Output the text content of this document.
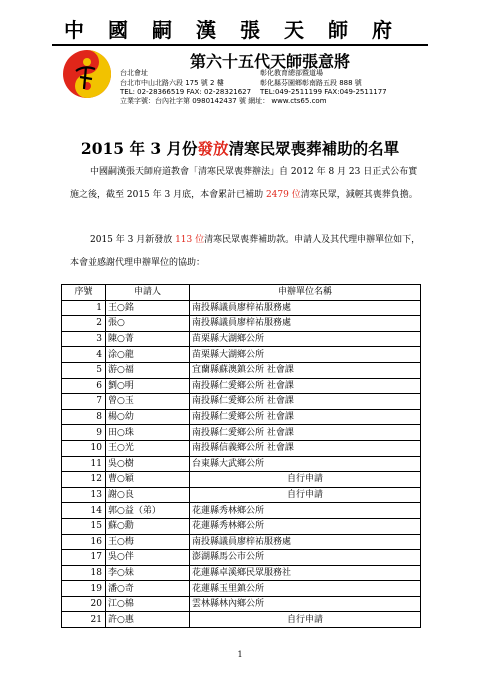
中國嗣漢張天師府
第六十五代天師張意將
台北會址
台北市中山北路六段 175 號 2 樓
TEL: 02-28366519 FAX: 02-28321627
彰化教育總部暨道場
彰化縣芬園鄉彰南路五段 888 號
TEL:049-2511199 FAX:049-2511177
立業字號：台內社字第 0980142437 號 網址： www.cts65.com
2015 年 3 月份發放清寒民眾喪葬補助的名單
中國嗣漢張天師府道教會「清寒民眾喪葬辦法」自 2012 年 8 月 23 日正式公布實施之後，截至 2015 年 3 月底，本會累計已補助 2479 位清寒民眾，減輕其喪葬負擔。
2015 年 3 月新發放 113 位清寒民眾喪葬補助款。申請人及其代理申辦單位如下，本會並感謝代理申辦單位的協助：
序號	申請人	申辦單位名稱
1	王○銘	南投縣議員廖梓祐服務處
2	張○	南投縣議員廖梓祐服務處
3	陳○菁	苗栗縣大湖鄉公所
4	涂○龍	苗栗縣大湖鄉公所
5	游○福	宜蘭縣蘇澳鎮公所 社會課
6	劉○明	南投縣仁愛鄉公所 社會課
7	曾○玉	南投縣仁愛鄉公所 社會課
8	楊○幼	南投縣仁愛鄉公所 社會課
9	田○珠	南投縣仁愛鄉公所 社會課
10	王○光	南投縣信義鄉公所 社會課
11	吳○樹	台東縣大武鄉公所
12	曹○穎	自行申請
13	謝○良	自行申請
14	郭○益（弟）	花蓮縣秀林鄉公所
15	蘇○勳	花蓮縣秀林鄉公所
16	王○梅	南投縣議員廖梓祐服務處
17	吳○伴	澎湖縣馬公市公所
18	李○妹	花蓮縣卓溪鄉民眾服務社
19	潘○奇	花蓮縣玉里鎮公所
20	江○棉	雲林縣林內鄉公所
21	許○惠	自行申請
1
